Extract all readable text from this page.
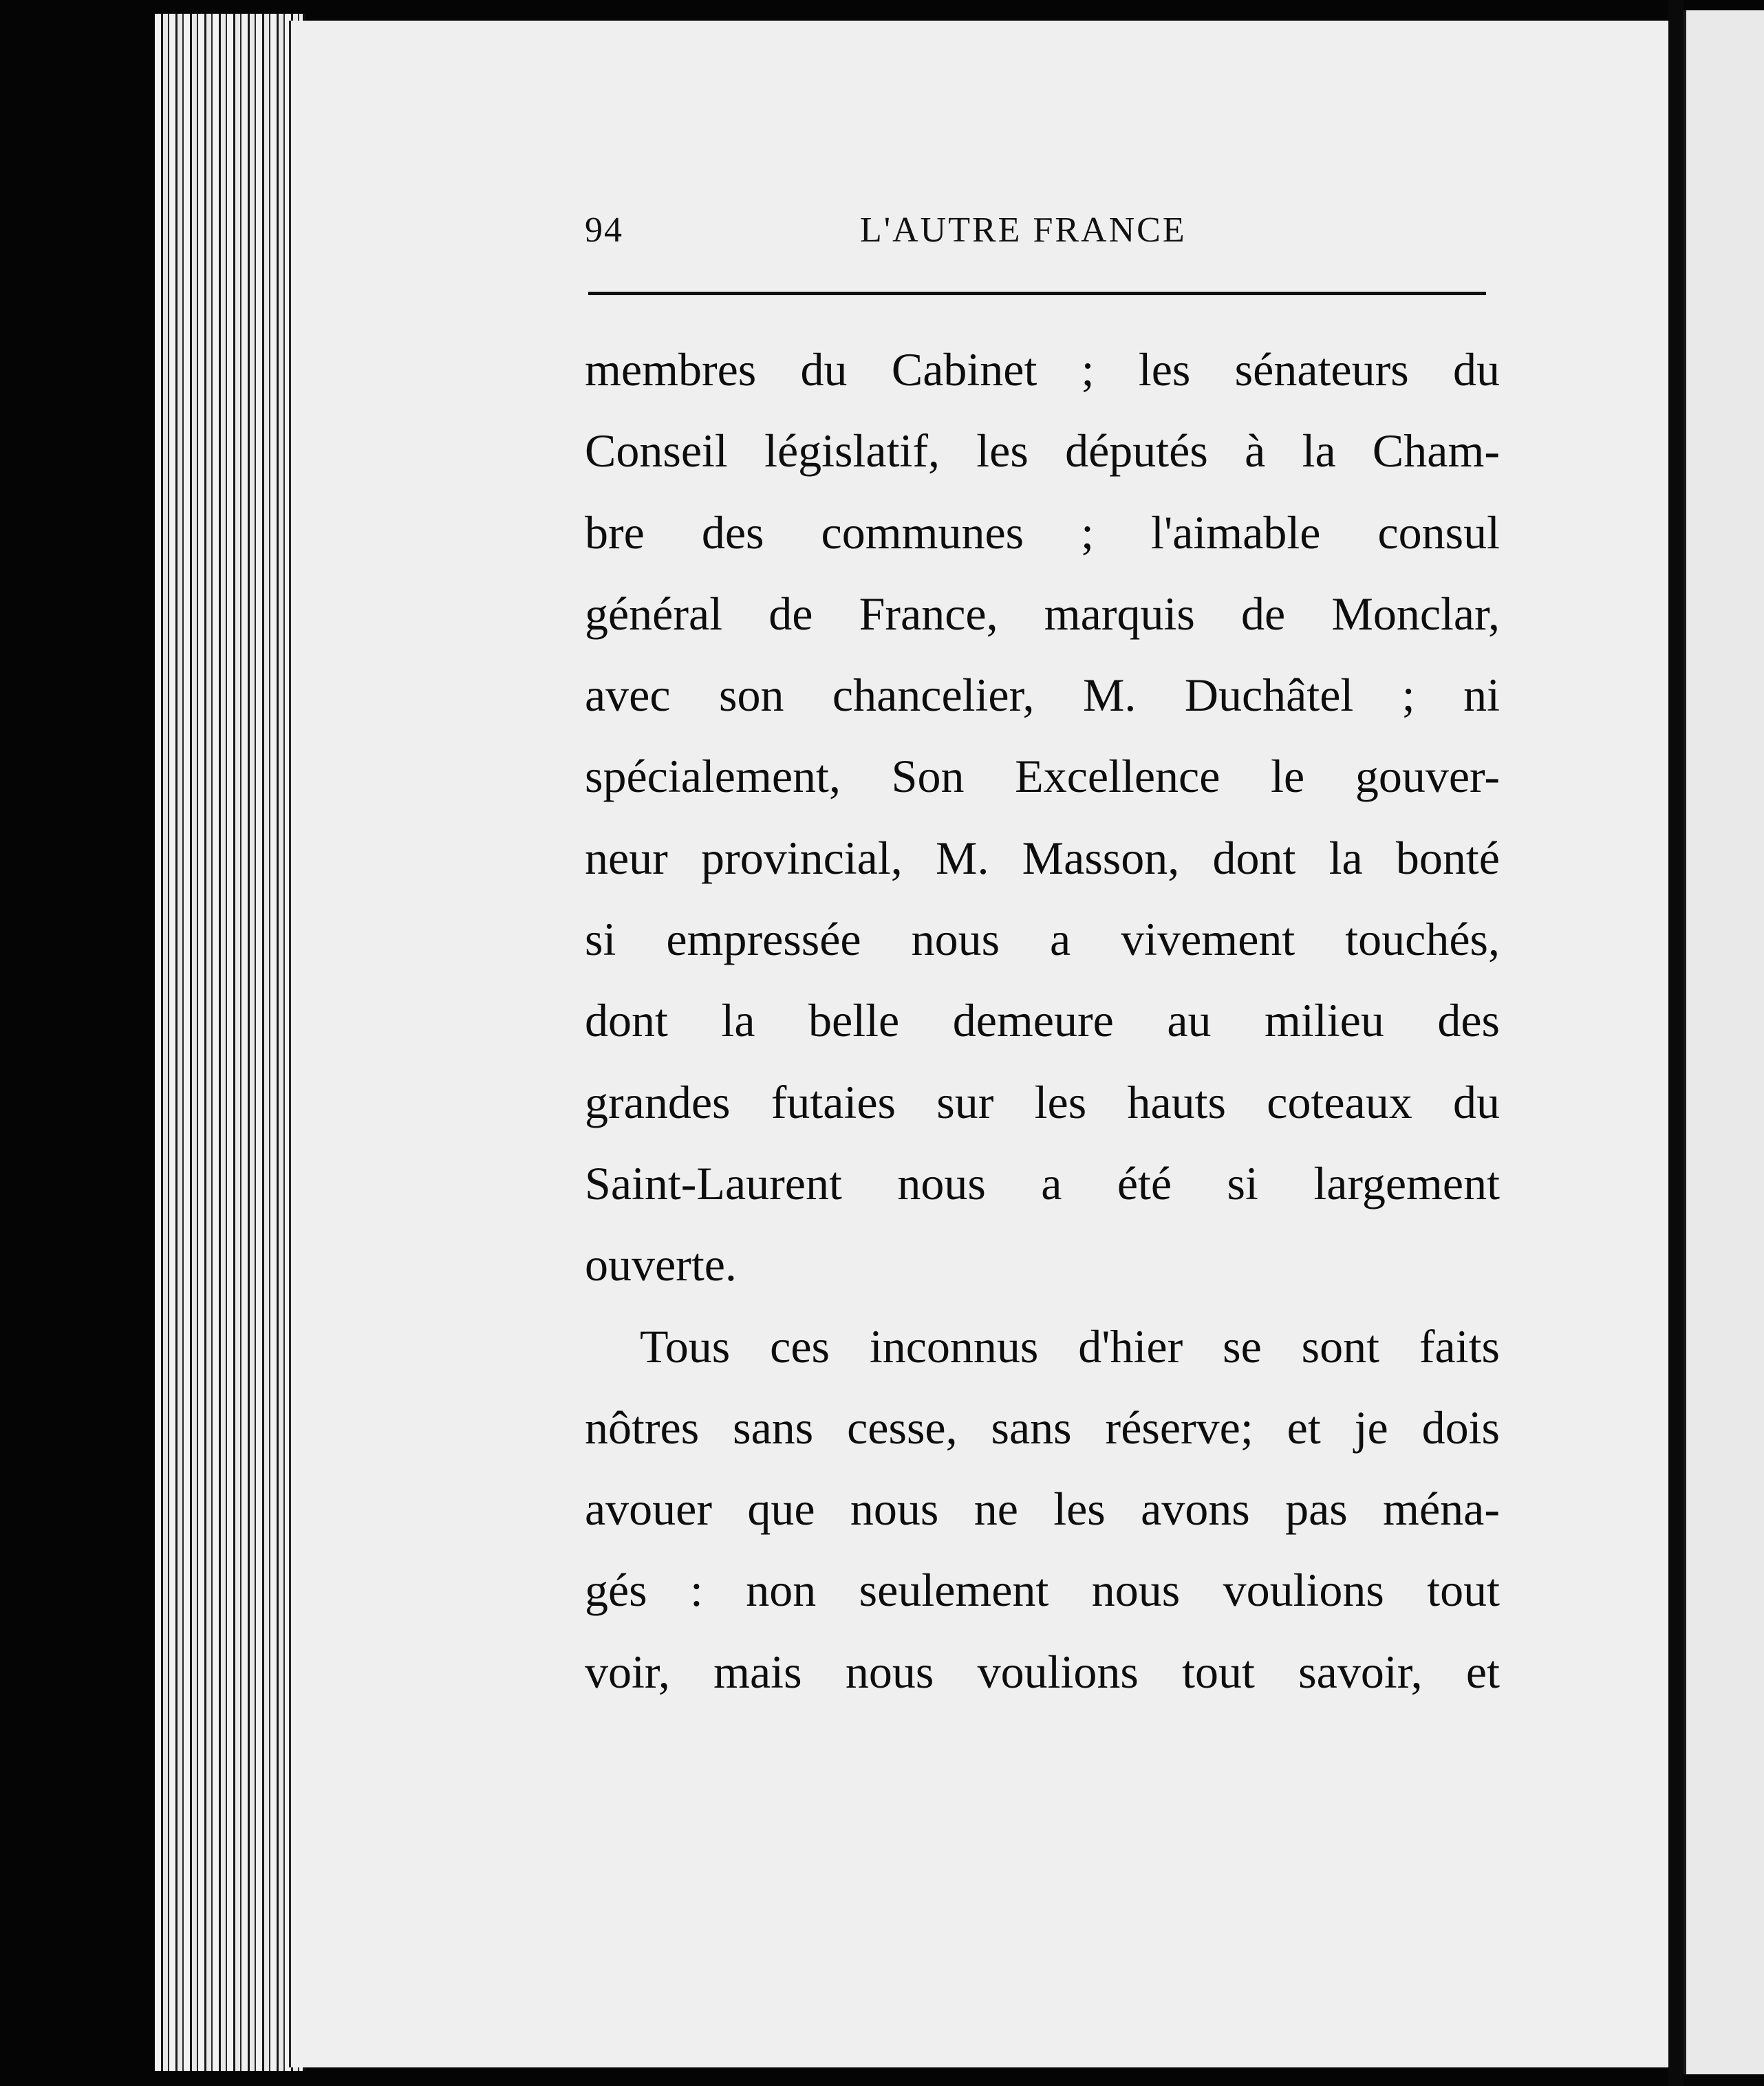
94	L'AUTRE FRANCE
membres du Cabinet ; les sénateurs du
Conseil législatif, les députés à la Cham-
bre des communes ; l'aimable consul
général de France, marquis de Monclar,
avec son chancelier, M. Duchâtel ; ni
spécialement, Son Excellence le gouver-
neur provincial, M. Masson, dont la bonté
si empressée nous a vivement touchés,
dont la belle demeure au milieu des
grandes futaies sur les hauts coteaux du
Saint-Laurent nous a été si largement
ouverte.
Tous ces inconnus d'hier se sont faits
nôtres sans cesse, sans réserve; et je dois
avouer que nous ne les avons pas ména-
gés : non seulement nous voulions tout
voir, mais nous voulions tout savoir, et
